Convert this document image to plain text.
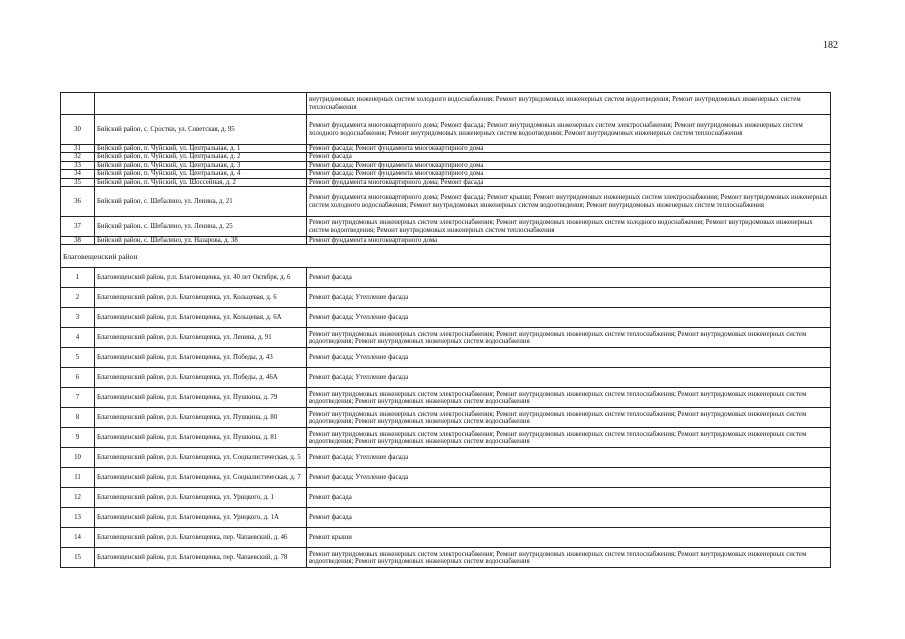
182
		внутридомовых инженерных систем холодного водоснабжения; Ремонт внутридомовых инженерных систем водоотведения; Ремонт внутридомовых инженерных систем теплоснабжения
30	Бийский район, с. Сростки, ул. Советская, д. 95	Ремонт фундамента многоквартирного дома; Ремонт фасада; Ремонт внутридомовых инженерных систем электроснабжения; Ремонт внутридомовых инженерных систем холодного водоснабжения; Ремонт внутридомовых инженерных систем водоотведения; Ремонт внутридомовых инженерных систем теплоснабжения
31	Бийский район, п. Чуйский, ул. Центральная, д. 1	Ремонт фасада; Ремонт фундамента многоквартирного дома
32	Бийский район, п. Чуйский, ул. Центральная, д. 2	Ремонт фасада
33	Бийский район, п. Чуйский, ул. Центральная, д. 3	Ремонт фасада; Ремонт фундамента многоквартирного дома
34	Бийский район, п. Чуйский, ул. Центральная, д. 4	Ремонт фасада; Ремонт фундамента многоквартирного дома
35	Бийский район, п. Чуйский, ул. Шоссейная, д. 2	Ремонт фундамента многоквартирного дома; Ремонт фасада
36	Бийский район, с. Шебалино, ул. Ленина, д. 21	Ремонт фундамента многоквартирного дома; Ремонт фасада; Ремонт крыши; Ремонт внутридомовых инженерных систем электроснабжения; Ремонт внутридомовых инженерных систем холодного водоснабжения; Ремонт внутридомовых инженерных систем водоотведения; Ремонт внутридомовых инженерных систем теплоснабжения
37	Бийский район, с. Шебалино, ул. Ленина, д. 25	Ремонт внутридомовых инженерных систем электроснабжения; Ремонт внутридомовых инженерных систем холодного водоснабжения; Ремонт внутридомовых инженерных систем водоотведения; Ремонт внутридомовых инженерных систем теплоснабжения
38	Бийский район, с. Шебалино, ул. Назарова, д. 38	Ремонт фундамента многоквартирного дома

Благовещенский район		

1	Благовещенский район, р.п. Благовещенка, ул. 40 лет Октября, д. 6	Ремонт фасада
2	Благовещенский район, р.п. Благовещенка, ул. Кольцевая, д. 6	Ремонт фасада; Утепление фасада
3	Благовещенский район, р.п. Благовещенка, ул. Кольцевая, д. 6А	Ремонт фасада; Утепление фасада
4	Благовещенский район, р.п. Благовещенка, ул. Ленина, д. 91	Ремонт внутридомовых инженерных систем электроснабжения; Ремонт внутридомовых инженерных систем теплоснабжения; Ремонт внутридомовых инженерных систем водоотведения; Ремонт внутридомовых инженерных систем водоснабжения
5	Благовещенский район, р.п. Благовещенка, ул. Победы, д. 43	Ремонт фасада; Утепление фасада
6	Благовещенский район, р.п. Благовещенка, ул. Победы, д. 46А	Ремонт фасада; Утепление фасада
7	Благовещенский район, р.п. Благовещенка, ул. Пушкина, д. 79	Ремонт внутридомовых инженерных систем электроснабжения; Ремонт внутридомовых инженерных систем теплоснабжения; Ремонт внутридомовых инженерных систем водоотведения; Ремонт внутридомовых инженерных систем водоснабжения
8	Благовещенский район, р.п. Благовещенка, ул. Пушкина, д. 80	Ремонт внутридомовых инженерных систем электроснабжения; Ремонт внутридомовых инженерных систем теплоснабжения; Ремонт внутридомовых инженерных систем водоотведения; Ремонт внутридомовых инженерных систем водоснабжения
9	Благовещенский район, р.п. Благовещенка, ул. Пушкина, д. 81	Ремонт внутридомовых инженерных систем электроснабжения; Ремонт внутридомовых инженерных систем теплоснабжения; Ремонт внутридомовых инженерных систем водоотведения; Ремонт внутридомовых инженерных систем водоснабжения
10	Благовещенский район, р.п. Благовещенка, ул. Социалистическая, д. 5	Ремонт фасада; Утепление фасада
11	Благовещенский район, р.п. Благовещенка, ул. Социалистическая, д. 7	Ремонт фасада; Утепление фасада
12	Благовещенский район, р.п. Благовещенка, ул. Урицкого, д. 1	Ремонт фасада
13	Благовещенский район, р.п. Благовещенка, ул. Урицкого, д. 1А	Ремонт фасада
14	Благовещенский район, р.п. Благовещенка, пер. Чапаевский, д. 46	Ремонт крыши
15	Благовещенский район, р.п. Благовещенка, пер. Чапаевский, д. 78	Ремонт внутридомовых инженерных систем электроснабжения; Ремонт внутридомовых инженерных систем теплоснабжения; Ремонт внутридомовых инженерных систем водоотведения; Ремонт внутридомовых инженерных систем водоснабжения
